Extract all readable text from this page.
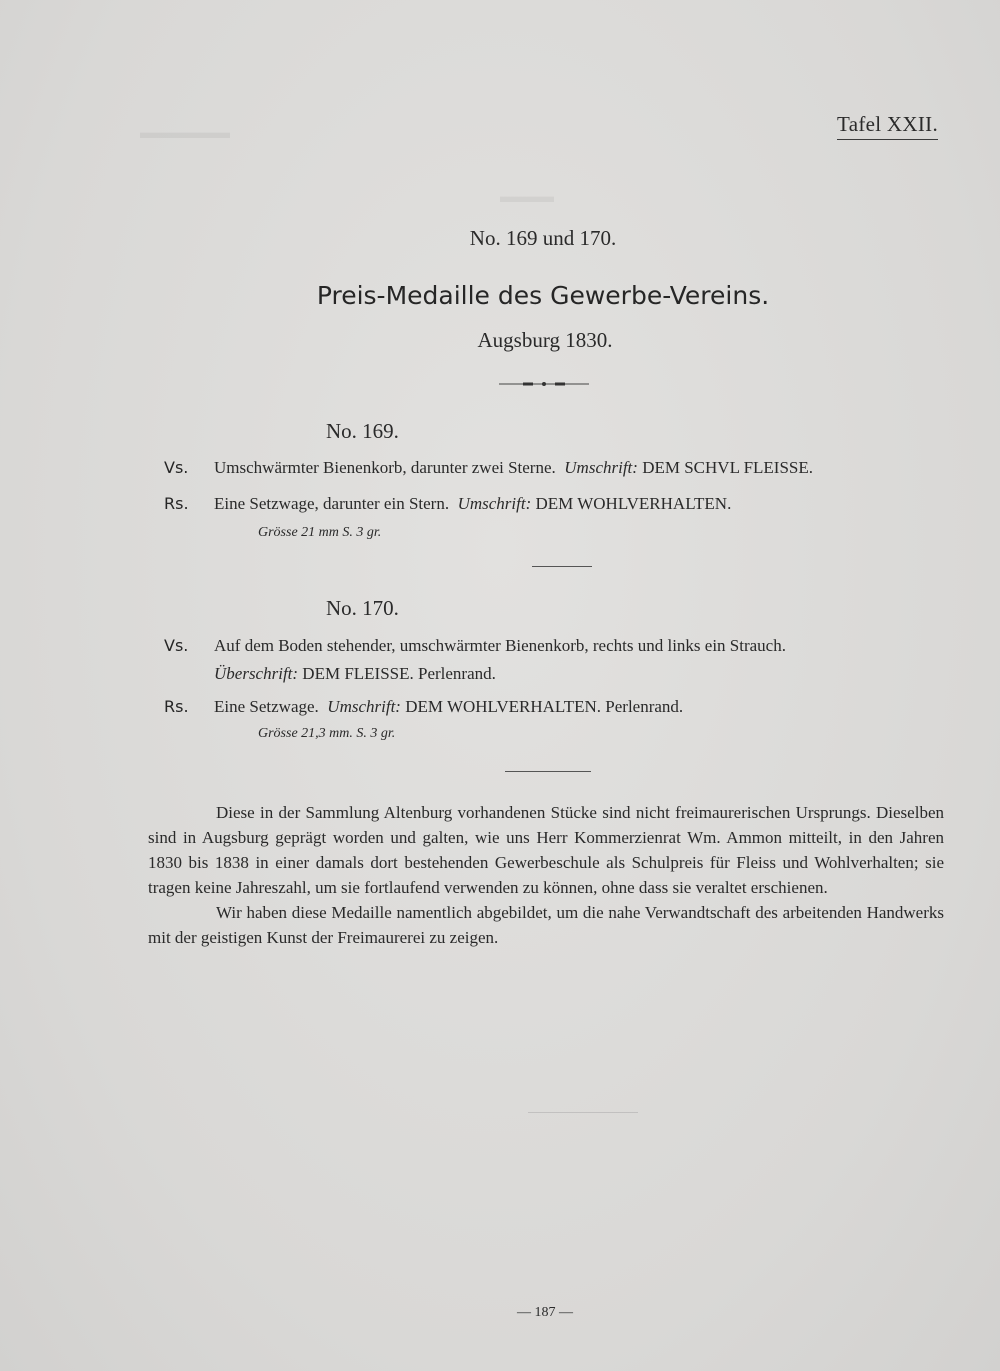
▬▬▬▬▬
▬▬▬
Tafel XXII.
No. 169 und 170.
Preis-Medaille des Gewerbe-Vereins.
Augsburg 1830.
No. 169.
Vs. Umschwärmter Bienenkorb, darunter zwei Sterne. Umschrift: DEM SCHVL FLEISSE.
Rs. Eine Setzwage, darunter ein Stern. Umschrift: DEM WOHLVERHALTEN.
Grösse 21 mm S. 3 gr.
No. 170.
Vs. Auf dem Boden stehender, umschwärmter Bienenkorb, rechts und links ein Strauch.
Überschrift: DEM FLEISSE. Perlenrand.
Rs. Eine Setzwage. Umschrift: DEM WOHLVERHALTEN. Perlenrand.
Grösse 21,3 mm. S. 3 gr.

Diese in der Sammlung Altenburg vorhandenen Stücke sind nicht freimaurerischen Ursprungs. Dieselben sind in Augsburg geprägt worden und galten, wie uns Herr Kommerzienrat Wm. Ammon mitteilt, in den Jahren 1830 bis 1838 in einer damals dort bestehenden Gewerbeschule als Schulpreis für Fleiss und Wohlverhalten; sie tragen keine Jahreszahl, um sie fortlaufend verwenden zu können, ohne dass sie veraltet erschienen.

Wir haben diese Medaille namentlich abgebildet, um die nahe Verwandtschaft des arbeitenden Handwerks mit der geistigen Kunst der Freimaurerei zu zeigen.

— 187 —
